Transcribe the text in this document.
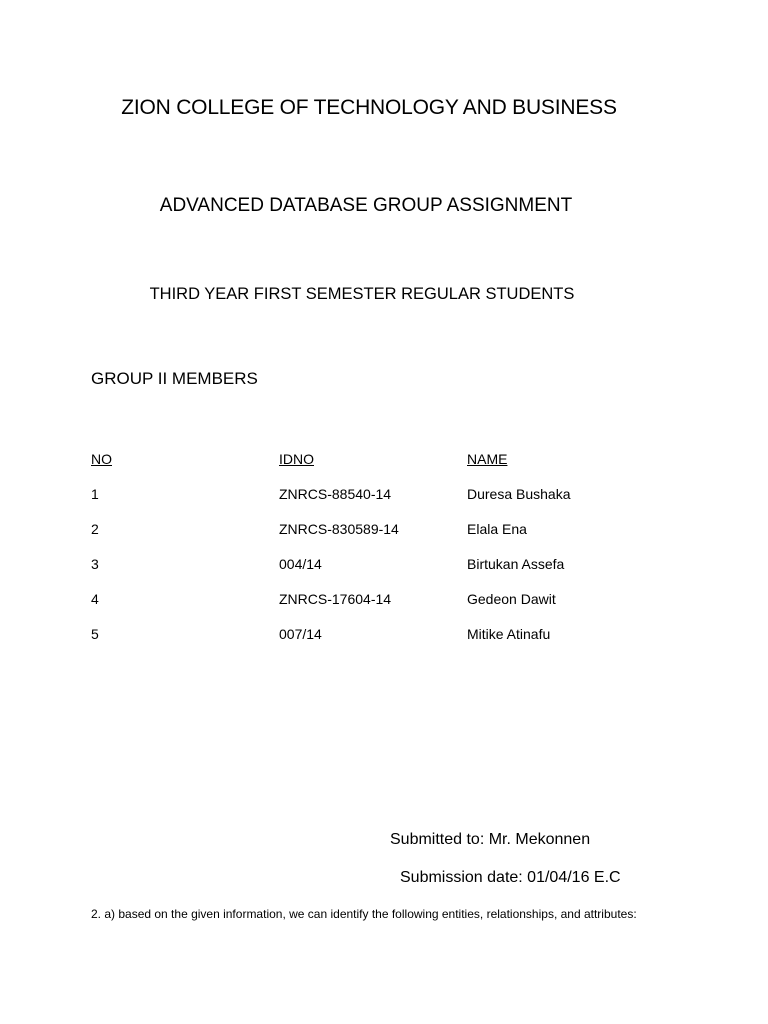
ZION COLLEGE OF TECHNOLOGY AND BUSINESS
ADVANCED DATABASE GROUP ASSIGNMENT
THIRD YEAR FIRST SEMESTER REGULAR STUDENTS
GROUP II MEMBERS
NO	IDNO	NAME
1	ZNRCS-88540-14	Duresa Bushaka
2	ZNRCS-830589-14	Elala Ena
3	004/14	Birtukan Assefa
4	ZNRCS-17604-14	Gedeon Dawit
5	007/14	Mitike Atinafu

Submitted to: Mr. Mekonnen

Submission date: 01/04/16 E.C

2. a) based on the given information, we can identify the following entities, relationships, and attributes:
